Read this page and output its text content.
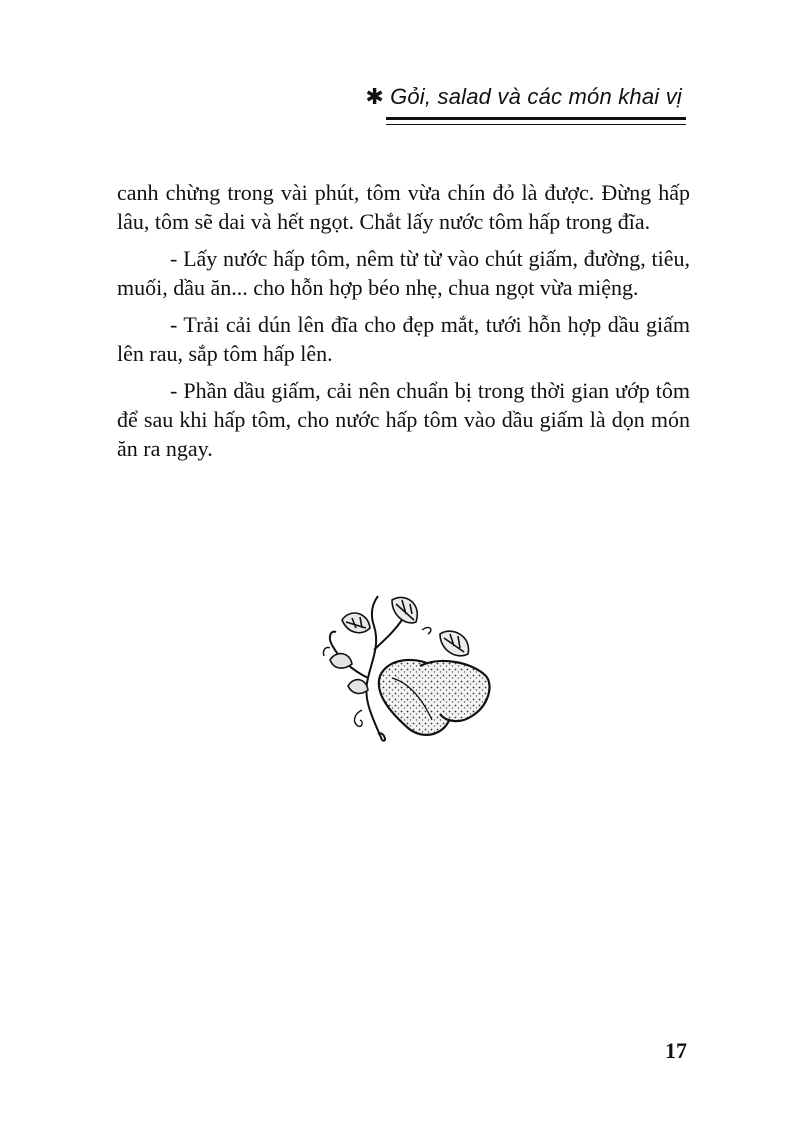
✱ Gỏi, salad và các món khai vị

canh chừng trong vài phút, tôm vừa chín đỏ là được. Đừng hấp lâu, tôm sẽ dai và hết ngọt. Chắt lấy nước tôm hấp trong đĩa.

- Lấy nước hấp tôm, nêm từ từ vào chút giấm, đường, tiêu, muối, dầu ăn... cho hỗn hợp béo nhẹ, chua ngọt vừa miệng.

- Trải cải dún lên đĩa cho đẹp mắt, tưới hỗn hợp dầu giấm lên rau, sắp tôm hấp lên.

- Phần dầu giấm, cải nên chuẩn bị trong thời gian ướp tôm để sau khi hấp tôm, cho nước hấp tôm vào dầu giấm là dọn món ăn ra ngay.

17
